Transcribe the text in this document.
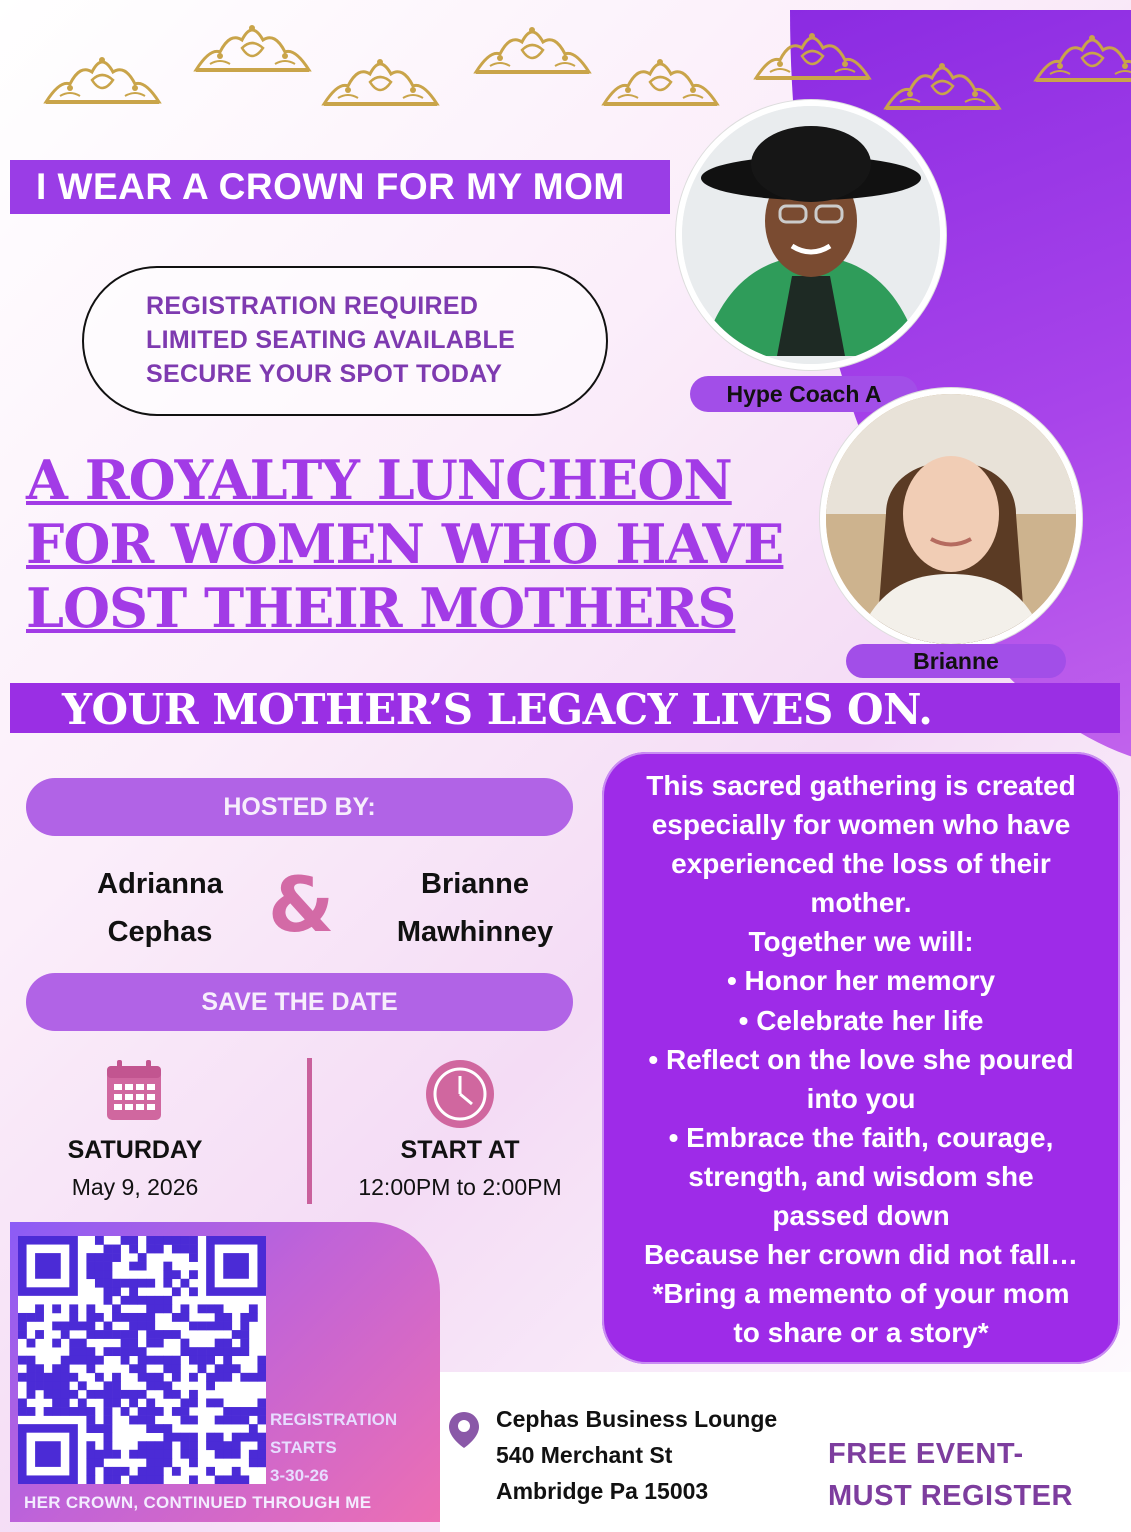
I WEAR A CROWN FOR MY MOM
REGISTRATION REQUIRED
LIMITED SEATING AVAILABLE
SECURE YOUR SPOT TODAY
Hype Coach A
Brianne
A ROYALTY LUNCHEON
FOR WOMEN WHO HAVE
LOST THEIR MOTHERS
YOUR MOTHER’S LEGACY LIVES ON.
HOSTED BY:
Adrianna
Cephas &	Brianne
Mawhinney
SAVE THE DATE
SATURDAY
May 9, 2026
START AT
12:00PM to 2:00PM
This sacred gathering is created
especially for women who have
experienced the loss of their
mother.
Together we will:
• Honor her memory
• Celebrate her life
• Reflect on the love she poured
into you
• Embrace the faith, courage,
strength, and wisdom she
passed down
Because her crown did not fall…
*Bring a memento of your mom
to share or a story*
REGISTRATION
STARTS
3-30-26
HER CROWN, CONTINUED THROUGH ME
Cephas Business Lounge
540 Merchant St
Ambridge Pa 15003
FREE EVENT-
MUST REGISTER
